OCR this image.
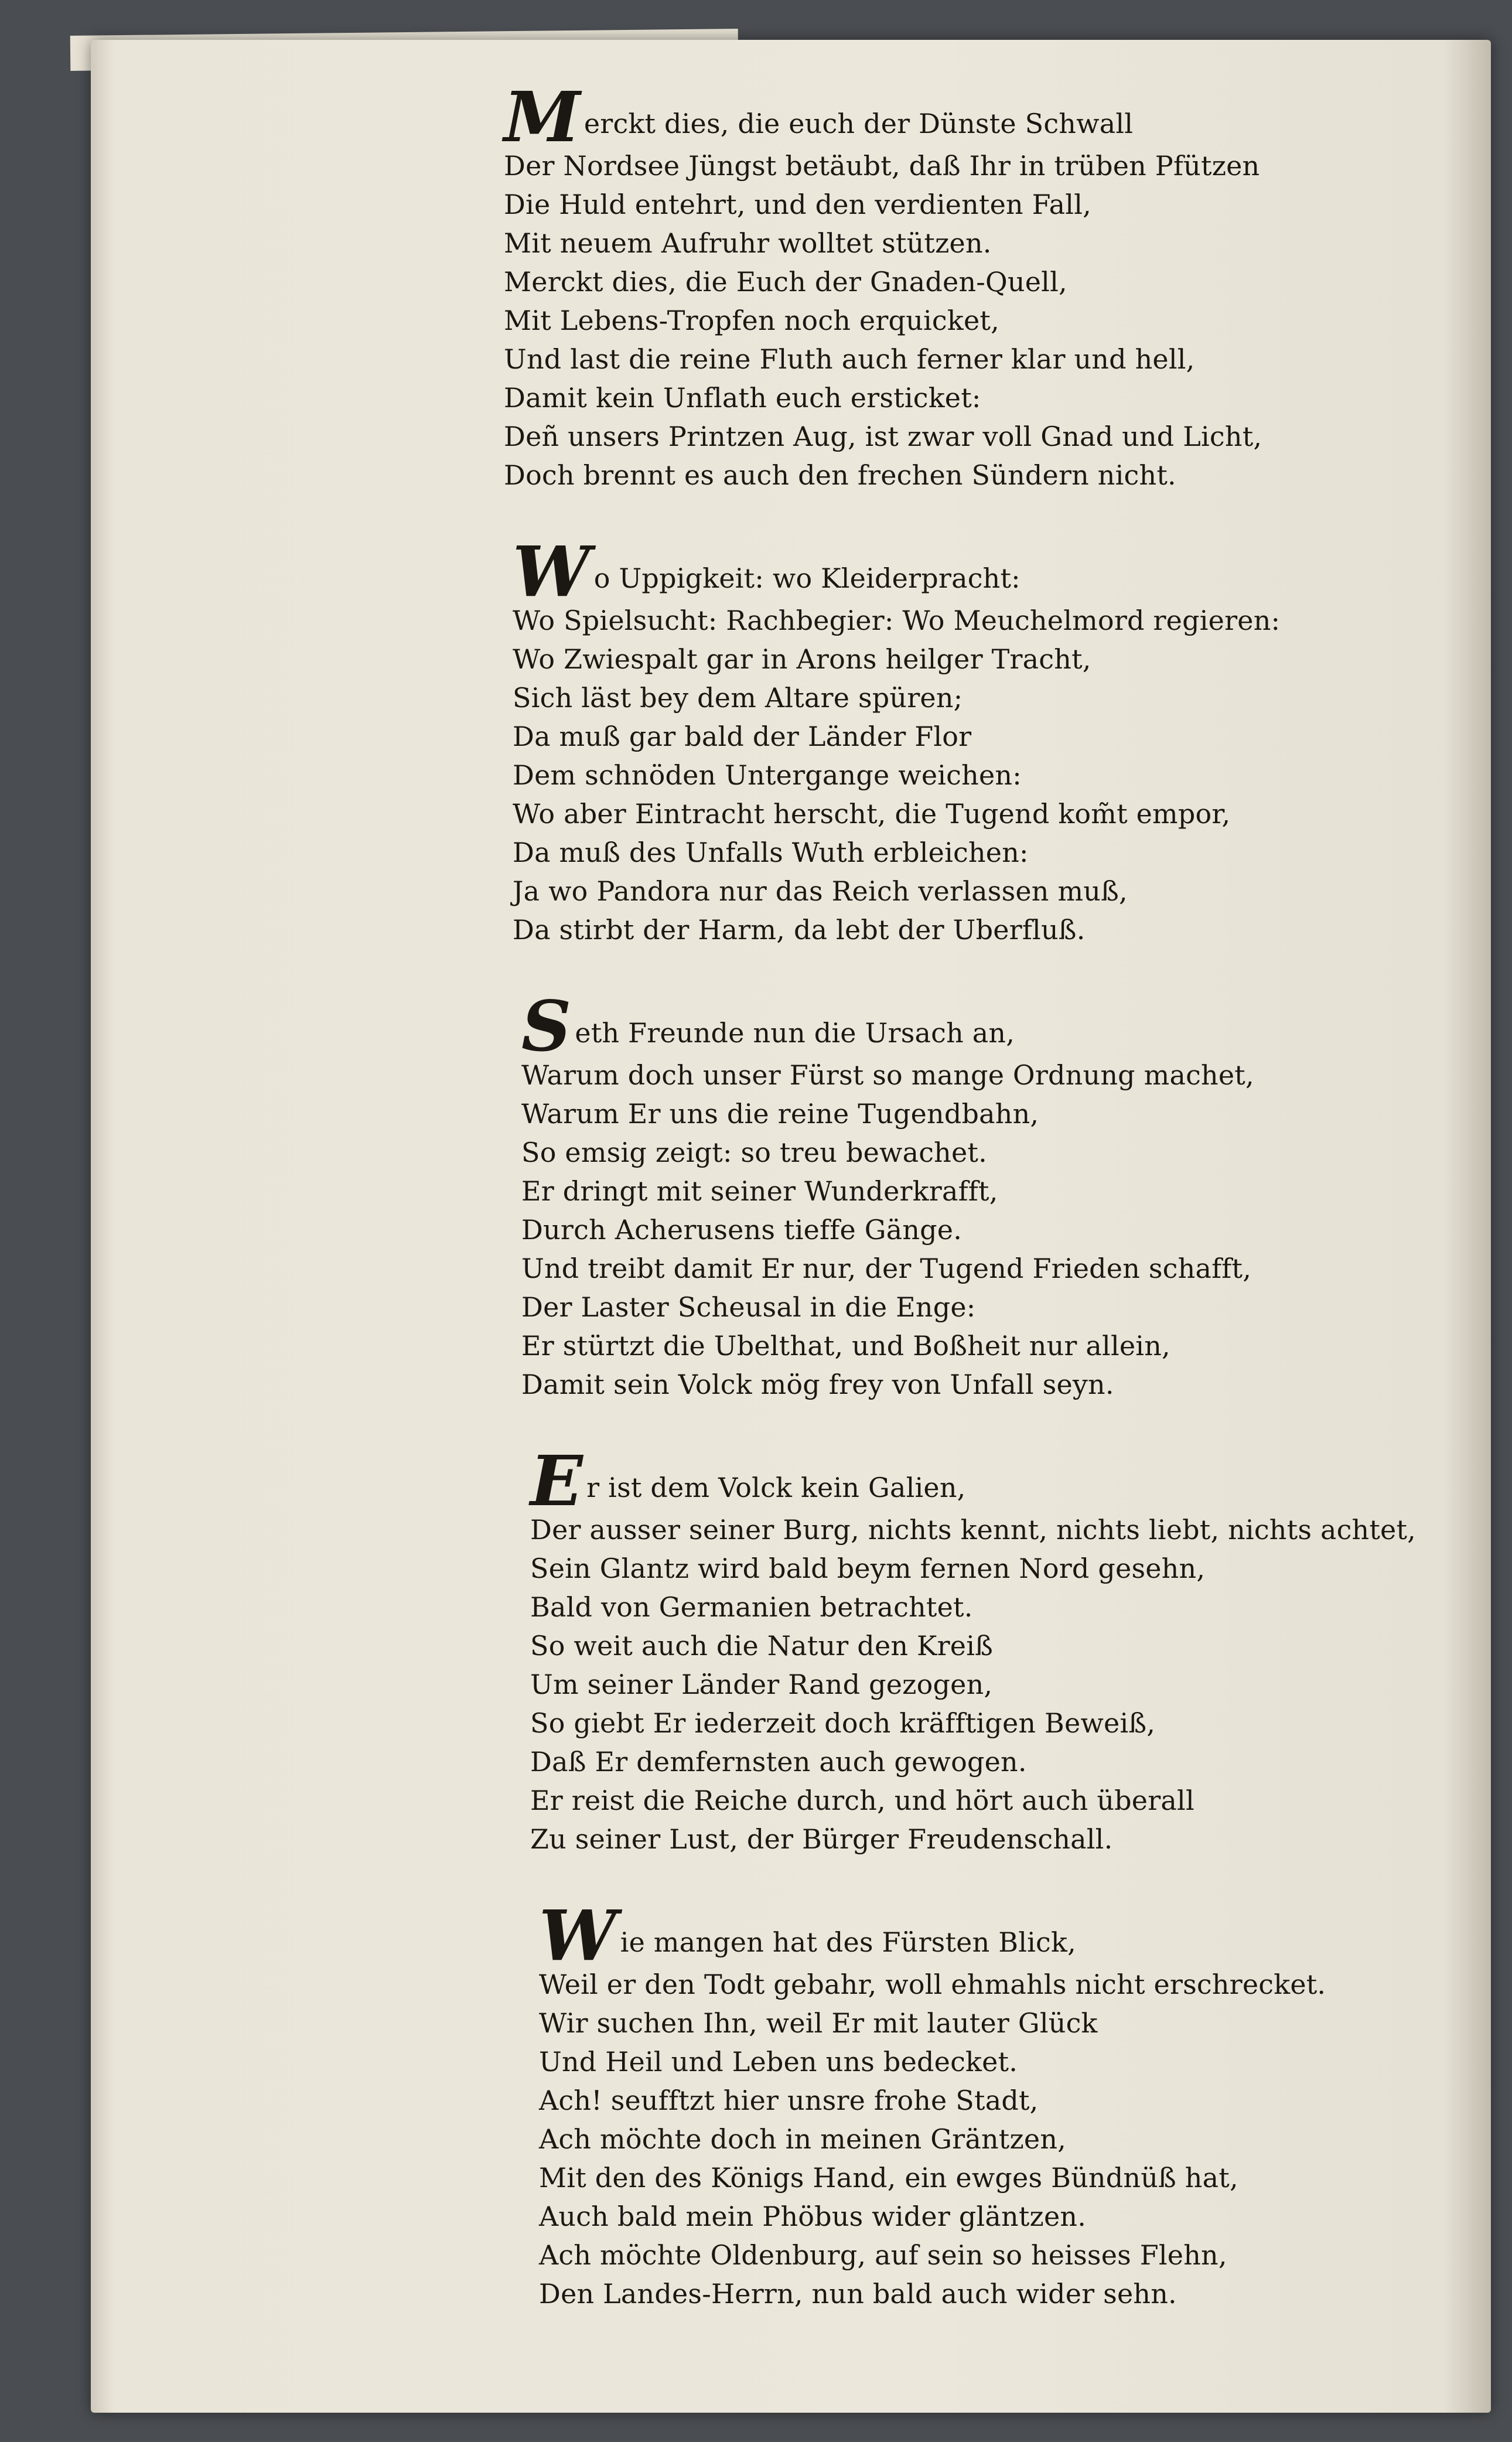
Merckt dies, die euch der Dünste Schwall
Der Nordsee Jüngst betäubt, daß Ihr in trüben Pfützen
Die Huld entehrt, und den verdienten Fall,
Mit neuem Aufruhr wolltet stützen.
Merckt dies, die Euch der Gnaden-Quell,
Mit Lebens-Tropfen noch erquicket,
Und last die reine Fluth auch ferner klar und hell,
Damit kein Unflath euch ersticket:
Deñ unsers Printzen Aug, ist zwar voll Gnad und Licht,
Doch brennt es auch den frechen Sündern nicht.
Wo Uppigkeit: wo Kleiderpracht:
Wo Spielsucht: Rachbegier: Wo Meuchelmord regieren:
Wo Zwiespalt gar in Arons heilger Tracht,
Sich läst bey dem Altare spüren;
Da muß gar bald der Länder Flor
Dem schnöden Untergange weichen:
Wo aber Eintracht herscht, die Tugend kom̃t empor,
Da muß des Unfalls Wuth erbleichen:
Ja wo Pandora nur das Reich verlassen muß,
Da stirbt der Harm, da lebt der Uberfluß.
Seth Freunde nun die Ursach an,
Warum doch unser Fürst so mange Ordnung machet,
Warum Er uns die reine Tugendbahn,
So emsig zeigt: so treu bewachet.
Er dringt mit seiner Wunderkrafft,
Durch Acherusens tieffe Gänge.
Und treibt damit Er nur, der Tugend Frieden schafft,
Der Laster Scheusal in die Enge:
Er stürtzt die Ubelthat, und Boßheit nur allein,
Damit sein Volck mög frey von Unfall seyn.
Er ist dem Volck kein Galien,
Der ausser seiner Burg, nichts kennt, nichts liebt, nichts achtet,
Sein Glantz wird bald beym fernen Nord gesehn,
Bald von Germanien betrachtet.
So weit auch die Natur den Kreiß
Um seiner Länder Rand gezogen,
So giebt Er iederzeit doch kräfftigen Beweiß,
Daß Er demfernsten auch gewogen.
Er reist die Reiche durch, und hört auch überall
Zu seiner Lust, der Bürger Freudenschall.
Wie mangen hat des Fürsten Blick,
Weil er den Todt gebahr, woll ehmahls nicht erschrecket.
Wir suchen Ihn, weil Er mit lauter Glück
Und Heil und Leben uns bedecket.
Ach! seufftzt hier unsre frohe Stadt,
Ach möchte doch in meinen Gräntzen,
Mit den des Königs Hand, ein ewges Bündnüß hat,
Auch bald mein Phöbus wider gläntzen.
Ach möchte Oldenburg, auf sein so heisses Flehn,
Den Landes-Herrn, nun bald auch wider sehn.
